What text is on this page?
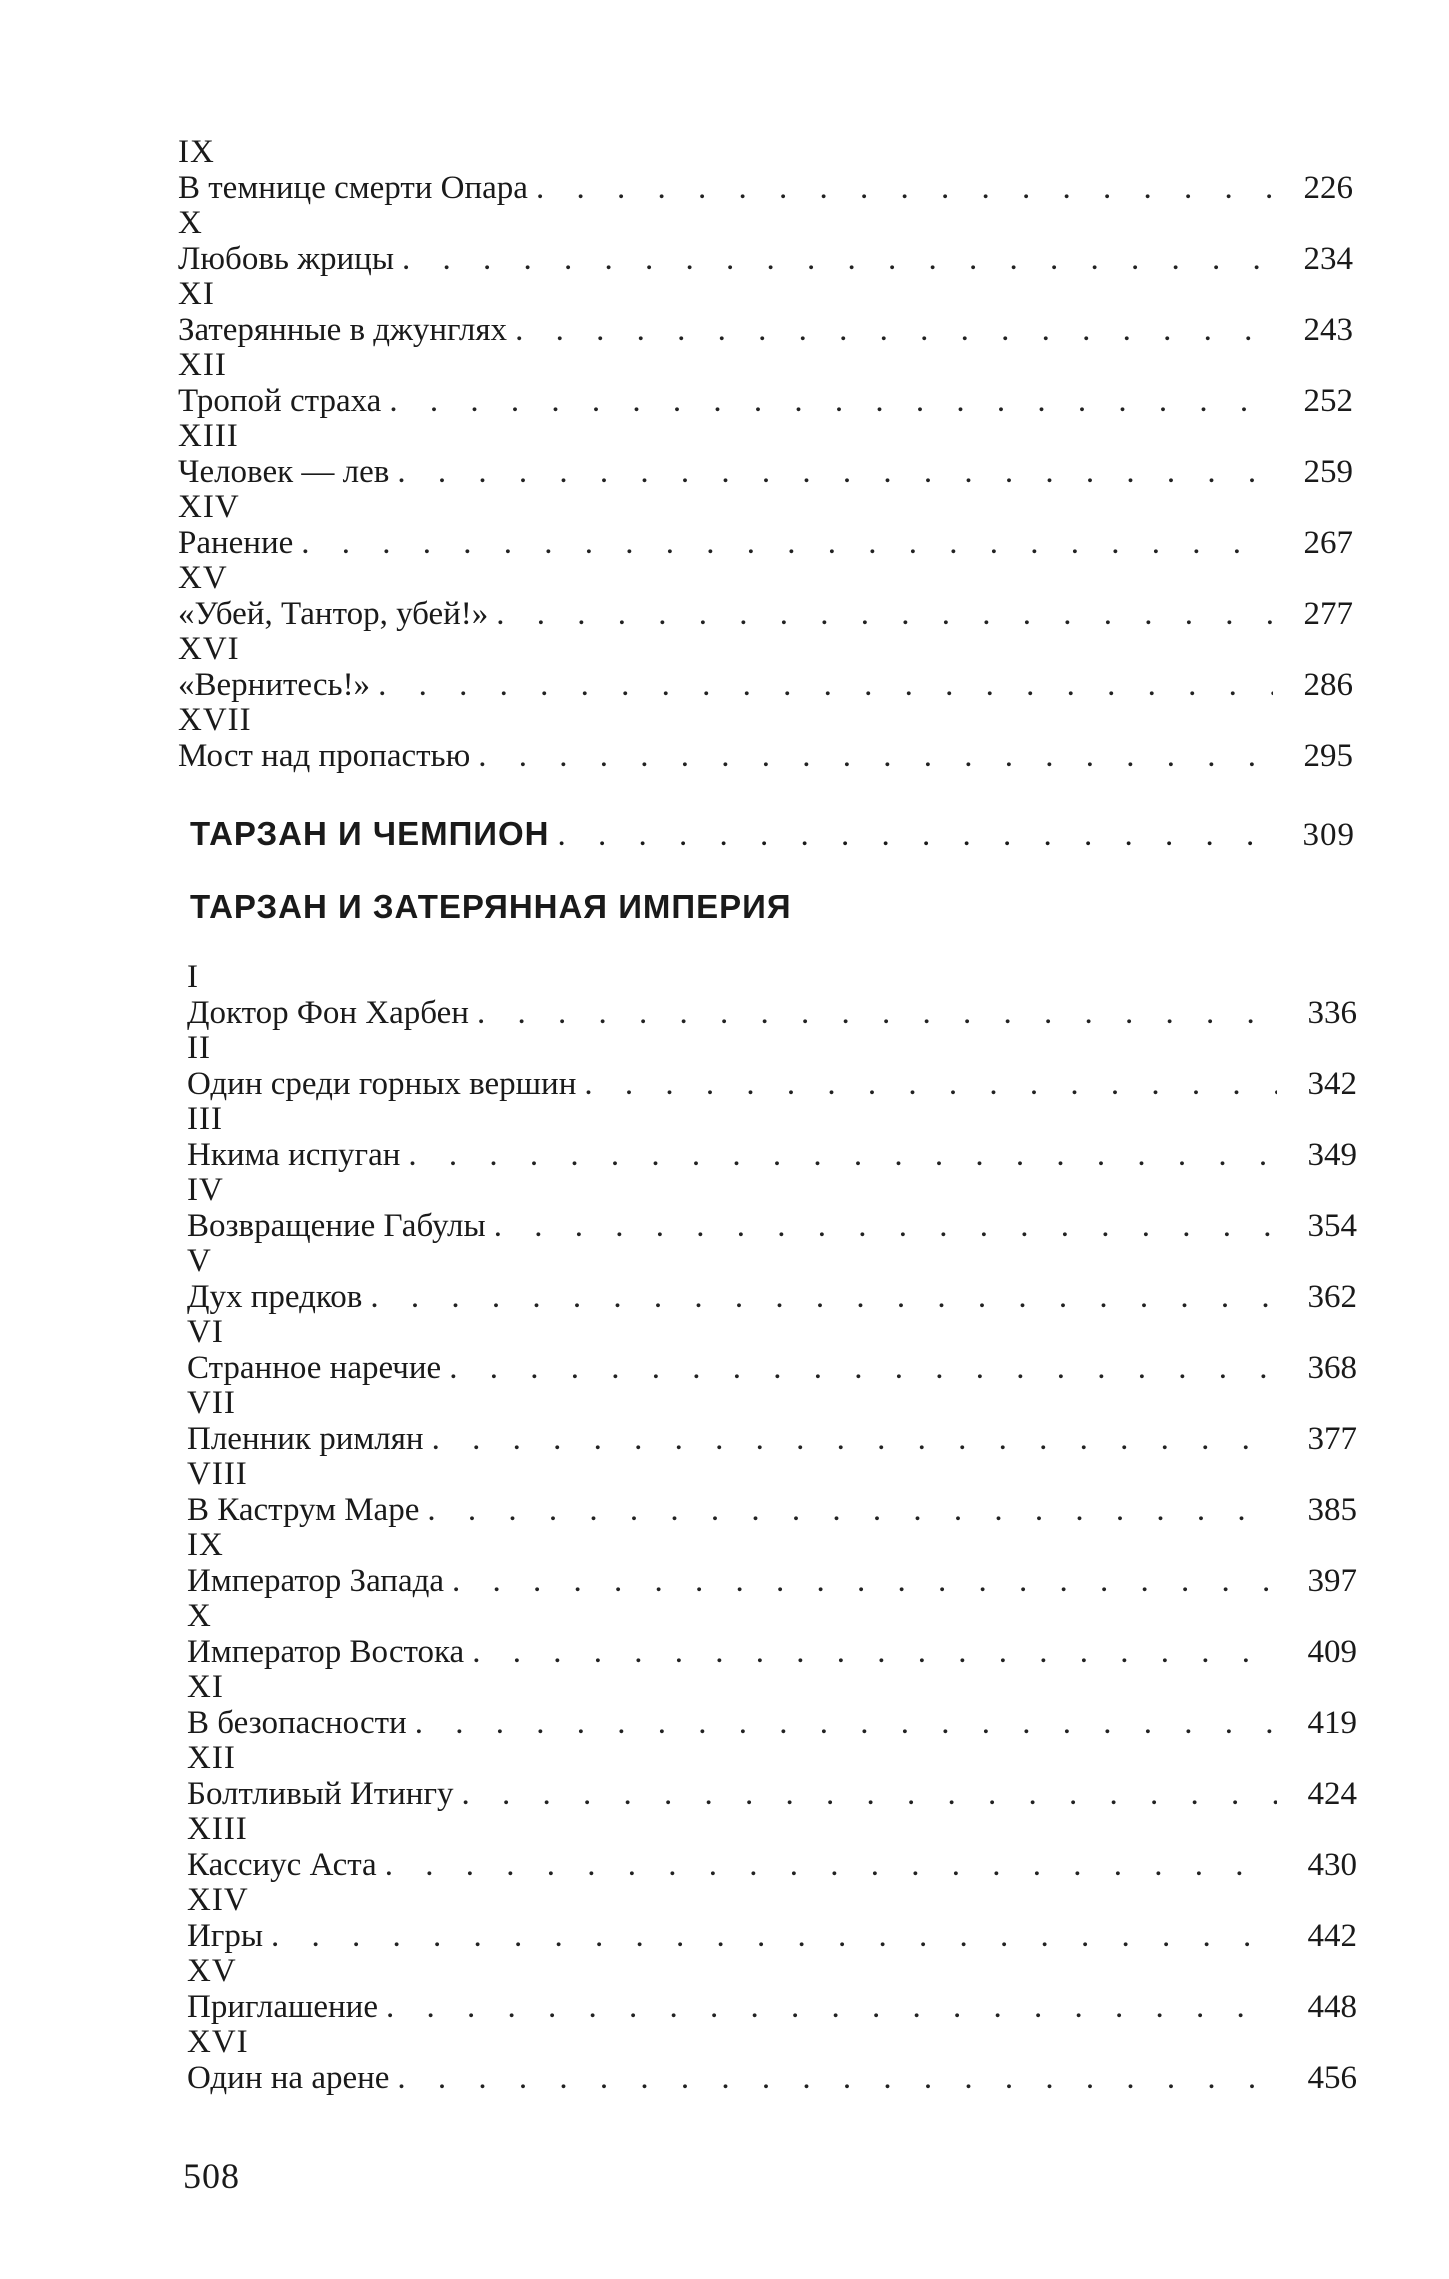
IX
В темнице смерти Опара . . .	226
X
Любовь жрицы . . .	234
XI
Затерянные в джунглях . . .	243
XII
Тропой страха . . .	252
XIII
Человек — лев . . .	259
XIV
Ранение . . .	267
XV
«Убей, Тантор, убей!» . . .	277
XVI
«Вернитесь!» . . .	286
XVII
Мост над пропастью . . .	295
ТАРЗАН И ЧЕМПИОН . . .	309
ТАРЗАН И ЗАТЕРЯННАЯ ИМПЕРИЯ
I
Доктор Фон Харбен . . .	336
II
Один среди горных вершин . . .	342
III
Нкима испуган . . .	349
IV
Возвращение Габулы . . .	354
V
Дух предков . . .	362
VI
Странное наречие . . .	368
VII
Пленник римлян . . .	377
VIII
В Каструм Маре . . .	385
IX
Император Запада . . .	397
X
Император Востока . . .	409
XI
В безопасности . . .	419
XII
Болтливый Итингу . . .	424
XIII
Кассиус Аста . . .	430
XIV
Игры . . .	442
XV
Приглашение . . .	448
XVI
Один на арене . . .	456
508
